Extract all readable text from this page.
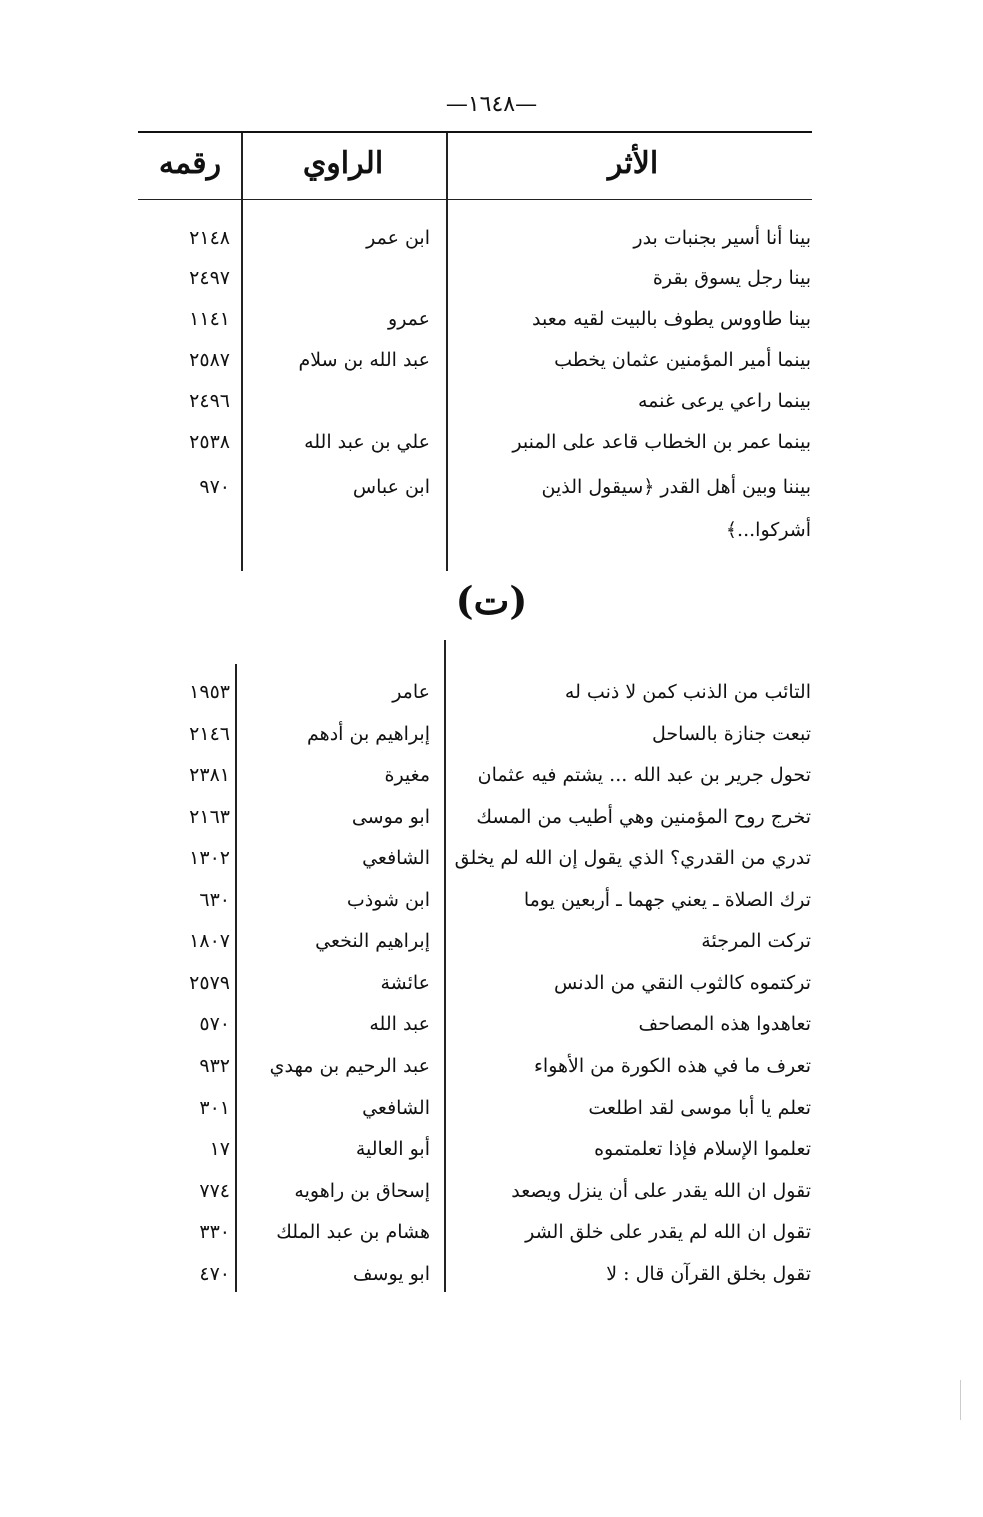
—١٦٤٨—
الأثر
الراوي
رقمه
بينا أنا أسير بجنبات بدر
ابن عمر
٢١٤٨
بينا رجل يسوق بقرة
٢٤٩٧
بينا طاووس يطوف بالبيت لقيه معبد
عمرو
١١٤١
بينما أمير المؤمنين عثمان يخطب
عبد الله بن سلام
٢٥٨٧
بينما راعي يرعى غنمه
٢٤٩٦
بينما عمر بن الخطاب قاعد على المنبر
علي بن عبد الله
٢٥٣٨
بيننا وبين أهل القدر ﴿سيقول الذين
ابن عباس
٩٧٠
أشركوا...﴾
(ت)
التائب من الذنب كمن لا ذنب له
عامر
١٩٥٣
تبعت جنازة بالساحل
إبراهيم بن أدهم
٢١٤٦
تحول جرير بن عبد الله ... يشتم فيه عثمان
مغيرة
٢٣٨١
تخرج روح المؤمنين وهي أطيب من المسك
ابو موسى
٢١٦٣
تدري من القدري؟ الذي يقول إن الله لم يخلق
الشافعي
١٣٠٢
ترك الصلاة ـ يعني جهما ـ أربعين يوما
ابن شوذب
٦٣٠
تركت المرجئة
إبراهيم النخعي
١٨٠٧
تركتموه كالثوب النقي من الدنس
عائشة
٢٥٧٩
تعاهدوا هذه المصاحف
عبد الله
٥٧٠
تعرف ما في هذه الكورة من الأهواء
عبد الرحيم بن مهدي
٩٣٢
تعلم يا أبا موسى لقد اطلعت
الشافعي
٣٠١
تعلموا الإسلام فإذا تعلمتموه
أبو العالية
١٧
تقول ان الله يقدر على أن ينزل ويصعد
إسحاق بن راهويه
٧٧٤
تقول ان الله لم يقدر على خلق الشر
هشام بن عبد الملك
٣٣٠
تقول بخلق القرآن قال : لا
ابو يوسف
٤٧٠
